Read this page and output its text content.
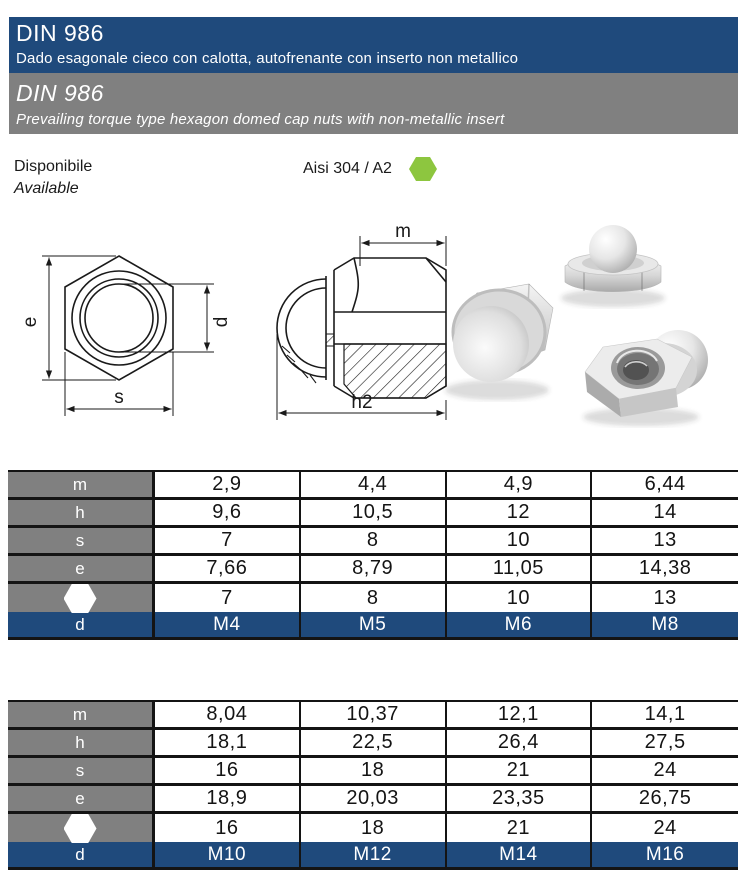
DIN 986
Dado esagonale cieco con calotta, autofrenante con inserto non metallico
DIN 986
Prevailing torque type hexagon domed cap nuts with non-metallic insert
Disponibile
Available
Aisi 304 / A2
e	d
s
m
h2
m	2,9	4,4	4,9	6,44
h	9,6	10,5	12	14
s	7	8	10	13
e	7,66	8,79	11,05	14,38
7	8	10	13
d	M4	M5	M6	M8
m	8,04	10,37	12,1	14,1
h	18,1	22,5	26,4	27,5
s	16	18	21	24
e	18,9	20,03	23,35	26,75
16	18	21	24
d	M10	M12	M14	M16
